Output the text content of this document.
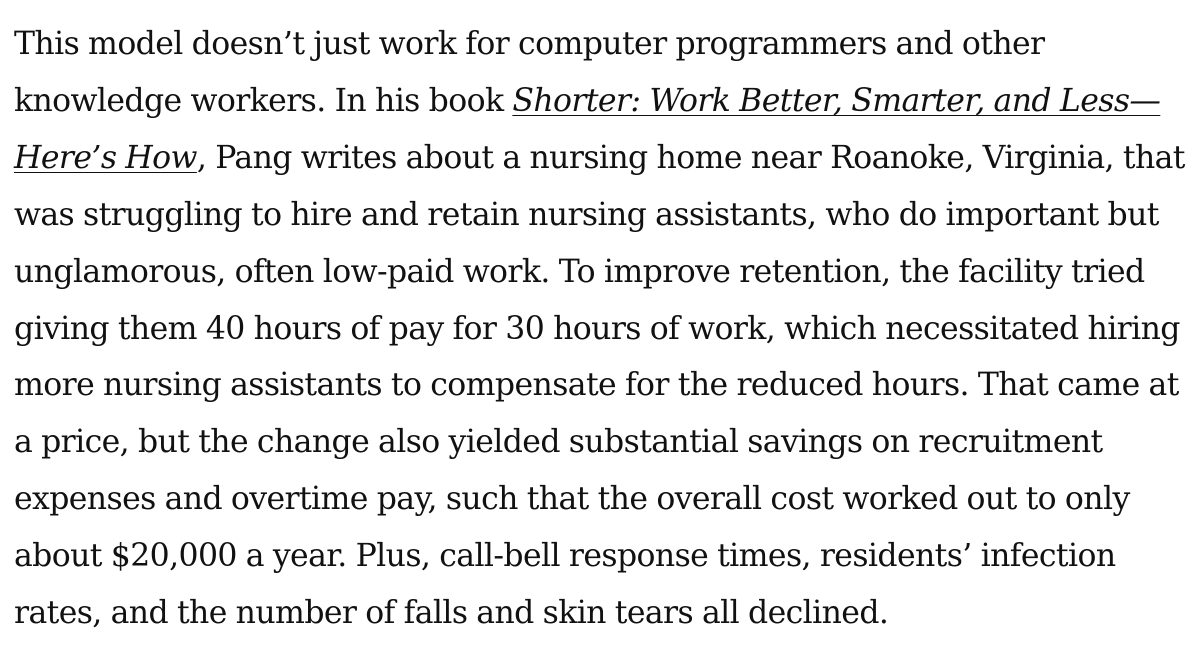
This model doesn’t just work for computer programmers and other knowledge workers. In his book Shorter: Work Better, Smarter, and Less—Here’s How, Pang writes about a nursing home near Roanoke, Virginia, that was struggling to hire and retain nursing assistants, who do important but unglamorous, often low-paid work. To improve retention, the facility tried giving them 40 hours of pay for 30 hours of work, which necessitated hiring more nursing assistants to compensate for the reduced hours. That came at a price, but the change also yielded substantial savings on recruitment expenses and overtime pay, such that the overall cost worked out to only about $20,000 a year. Plus, call-bell response times, residents’ infection rates, and the number of falls and skin tears all declined.
